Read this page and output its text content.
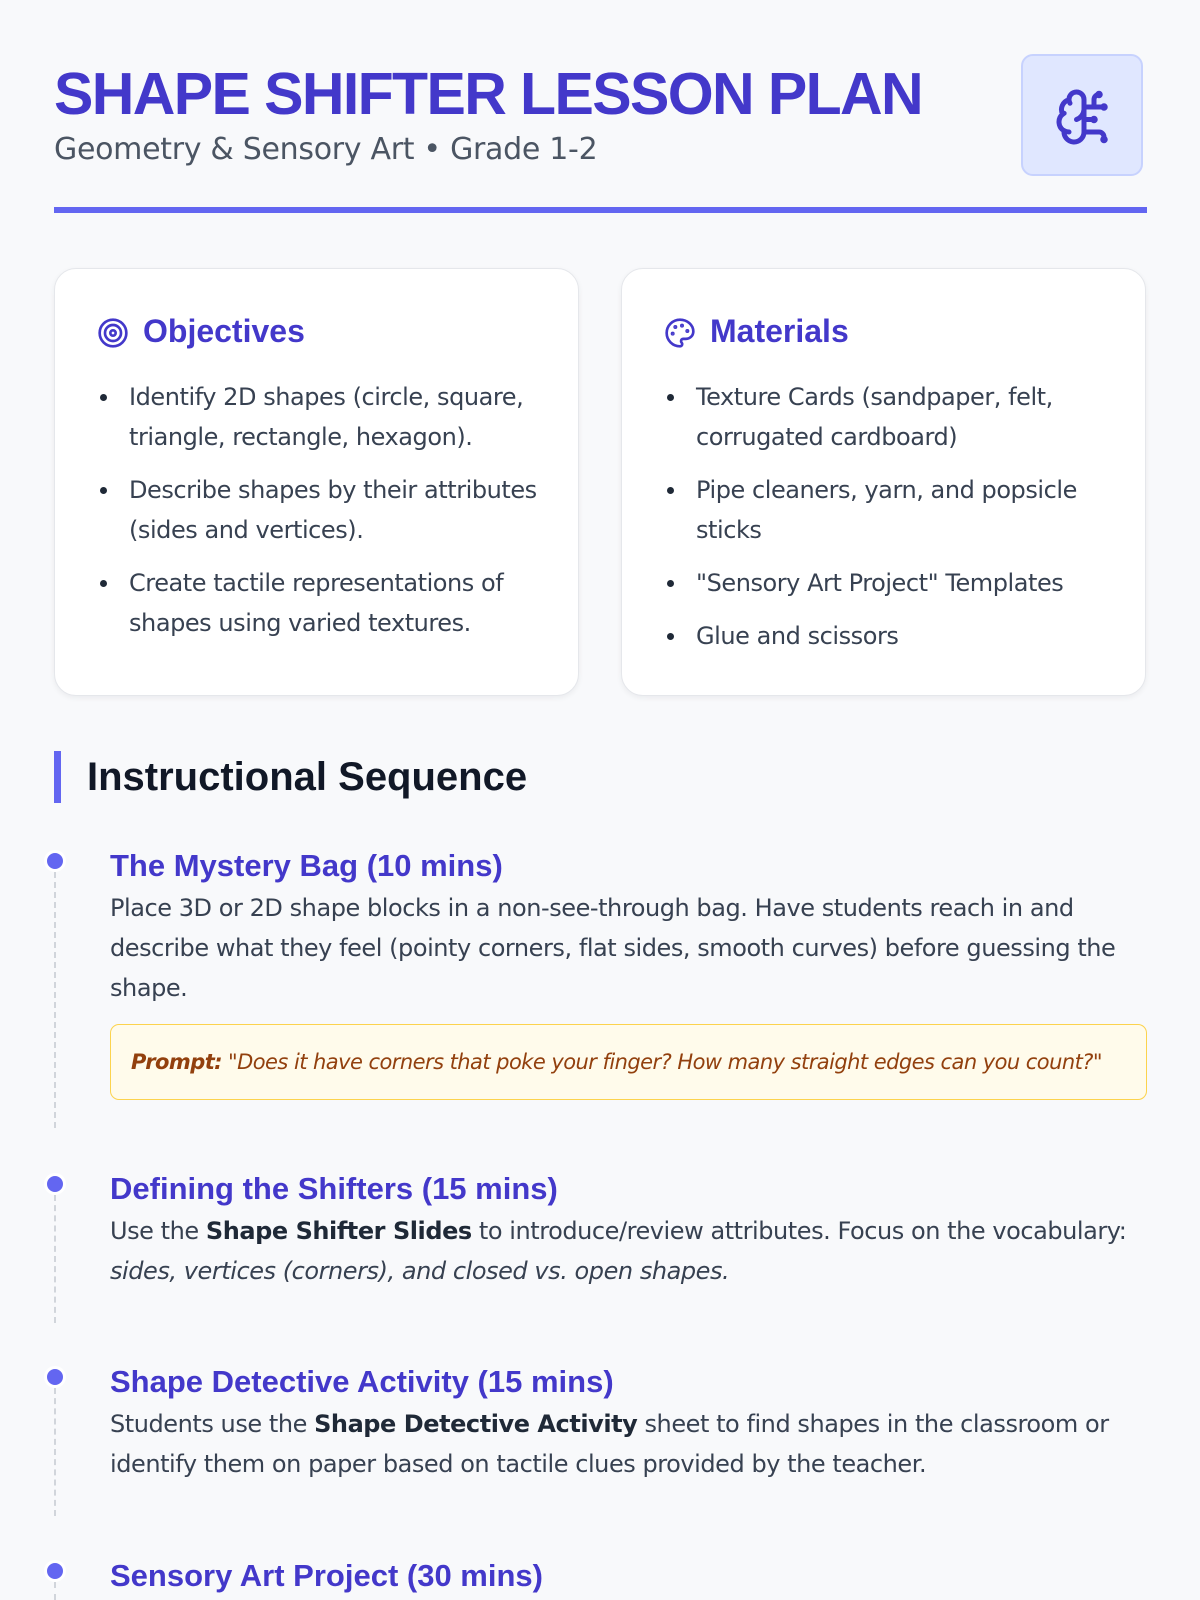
SHAPE SHIFTER LESSON PLAN

Geometry & Sensory Art • Grade 1-2

Objectives
Identify 2D shapes (circle, square, triangle, rectangle, hexagon).
Describe shapes by their attributes (sides and vertices).
Create tactile representations of shapes using varied textures.
Materials
Texture Cards (sandpaper, felt, corrugated cardboard)
Pipe cleaners, yarn, and popsicle sticks
"Sensory Art Project" Templates
Glue and scissors
Instructional Sequence
The Mystery Bag (10 mins)

Place 3D or 2D shape blocks in a non-see-through bag. Have students reach in and describe what they feel (pointy corners, flat sides, smooth curves) before guessing the shape.

Prompt: "Does it have corners that poke your finger? How many straight edges can you count?"
Defining the Shifters (15 mins)

Use the Shape Shifter Slides to introduce/review attributes. Focus on the vocabulary: sides, vertices (corners), and closed vs. open shapes.

Shape Detective Activity (15 mins)

Students use the Shape Detective Activity sheet to find shapes in the classroom or identify them on paper based on tactile clues provided by the teacher.

Sensory Art Project (30 mins)
